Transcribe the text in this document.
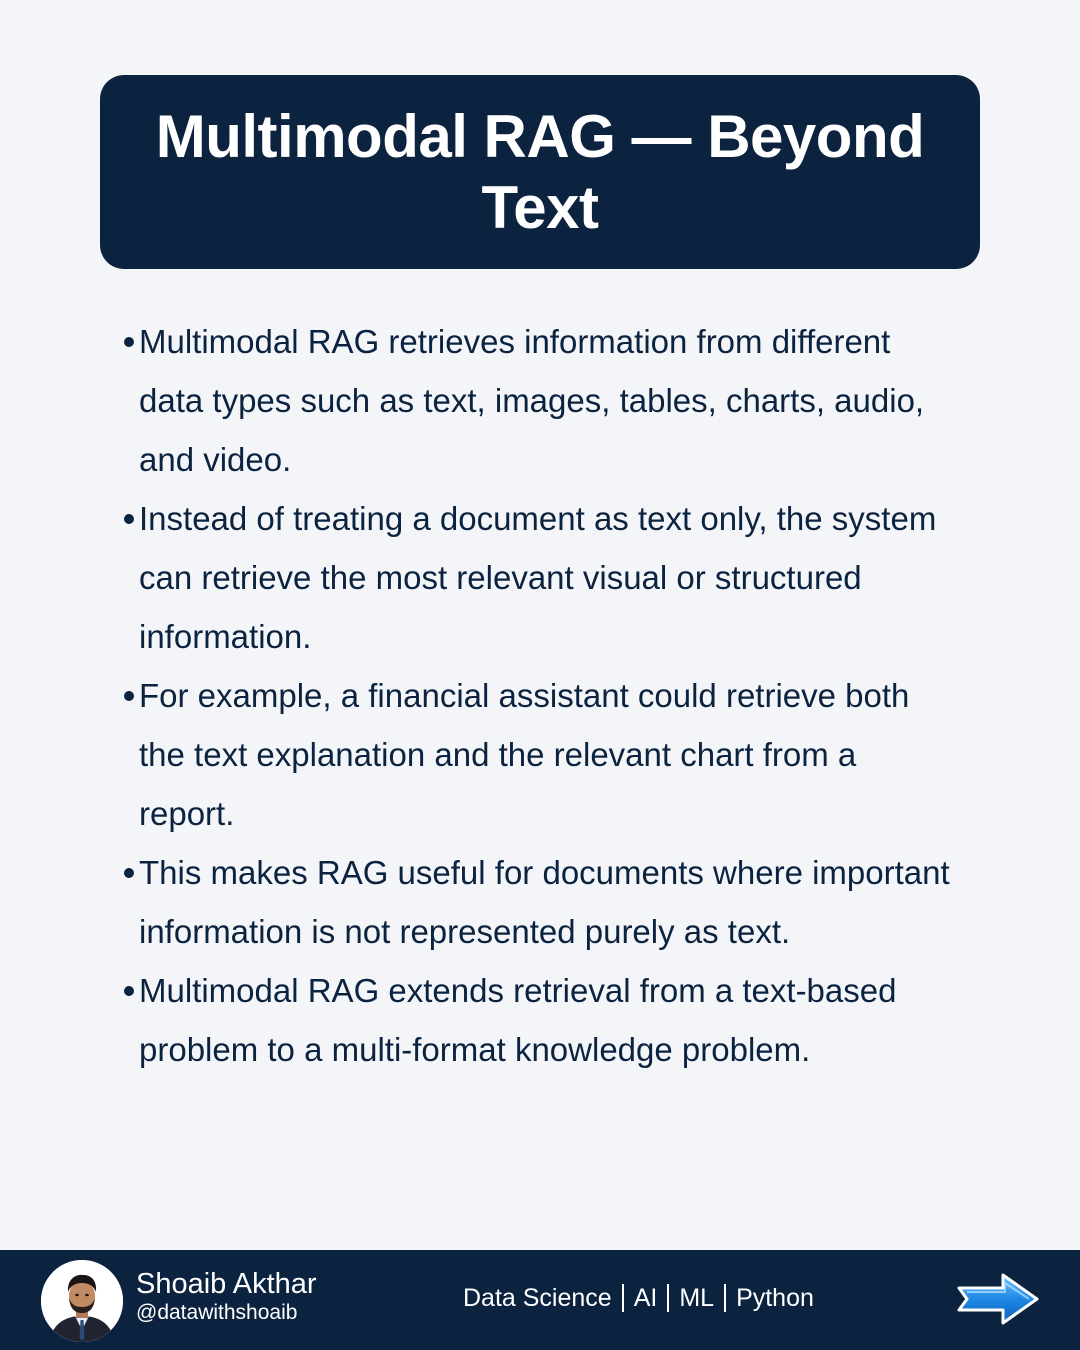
Multimodal RAG — Beyond Text
Multimodal RAG retrieves information from different data types such as text, images, tables, charts, audio, and video.
Instead of treating a document as text only, the system can retrieve the most relevant visual or structured information.
For example, a financial assistant could retrieve both the text explanation and the relevant chart from a report.
This makes RAG useful for documents where important information is not represented purely as text.
Multimodal RAG extends retrieval from a text-based problem to a multi-format knowledge problem.
Shoaib Akthar
@datawithshoaib
Data Science AI ML Python
